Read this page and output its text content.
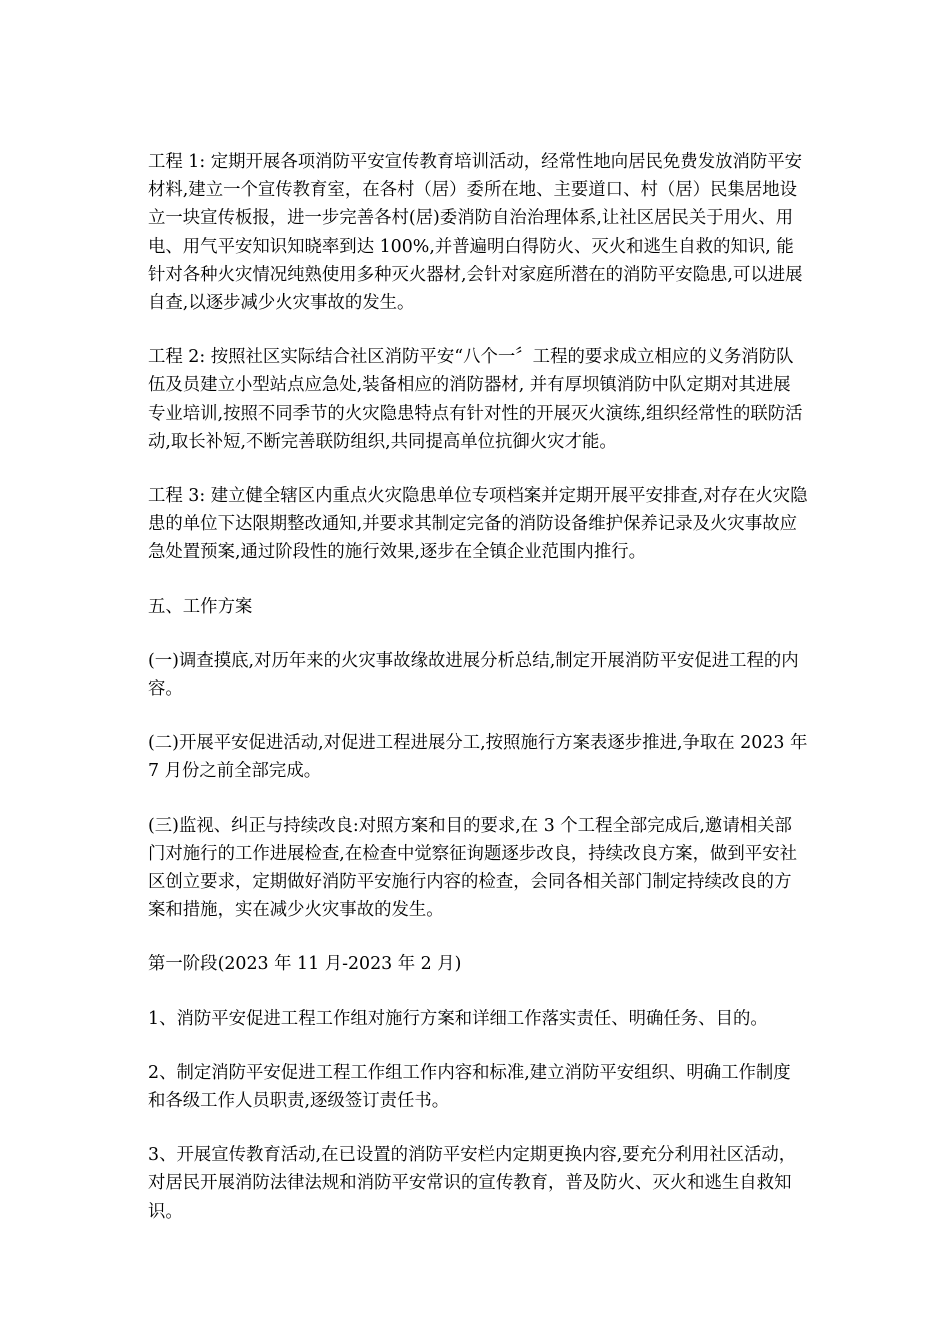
工程 1: 定期开展各项消防平安宣传教育培训活动，经常性地向居民免费发放消防平安材料,建立一个宣传教育室，在各村（居）委所在地、主要道口、村（居）民集居地设立一块宣传板报，进一步完善各村(居)委消防自治治理体系,让社区居民关于用火、用电、用气平安知识知晓率到达 100%,并普遍明白得防火、灭火和逃生自救的知识, 能针对各种火灾情况纯熟使用多种灭火器材,会针对家庭所潜在的消防平安隐患,可以进展自查,以逐步减少火灾事故的发生。

工程 2: 按照社区实际结合社区消防平安“八个一〞工程的要求成立相应的义务消防队伍及员建立小型站点应急处,装备相应的消防器材, 并有厚坝镇消防中队定期对其进展专业培训,按照不同季节的火灾隐患特点有针对性的开展灭火演练,组织经常性的联防活动,取长补短,不断完善联防组织,共同提高单位抗御火灾才能。

工程 3: 建立健全辖区内重点火灾隐患单位专项档案并定期开展平安排查,对存在火灾隐患的单位下达限期整改通知,并要求其制定完备的消防设备维护保养记录及火灾事故应急处置预案,通过阶段性的施行效果,逐步在全镇企业范围内推行。

五、工作方案

(一)调查摸底,对历年来的火灾事故缘故进展分析总结,制定开展消防平安促进工程的内容。

(二)开展平安促进活动,对促进工程进展分工,按照施行方案表逐步推进,争取在 2023 年 7 月份之前全部完成。

(三)监视、纠正与持续改良:对照方案和目的要求,在 3 个工程全部完成后,邀请相关部门对施行的工作进展检查,在检查中觉察征询题逐步改良，持续改良方案，做到平安社区创立要求，定期做好消防平安施行内容的检查，会同各相关部门制定持续改良的方案和措施，实在减少火灾事故的发生。

第一阶段(2023 年 11 月-2023 年 2 月)

1、消防平安促进工程工作组对施行方案和详细工作落实责任、明确任务、目的。

2、制定消防平安促进工程工作组工作内容和标准,建立消防平安组织、明确工作制度和各级工作人员职责,逐级签订责任书。

3、开展宣传教育活动,在已设置的消防平安栏内定期更换内容,要充分利用社区活动，对居民开展消防法律法规和消防平安常识的宣传教育，普及防火、灭火和逃生自救知识。
